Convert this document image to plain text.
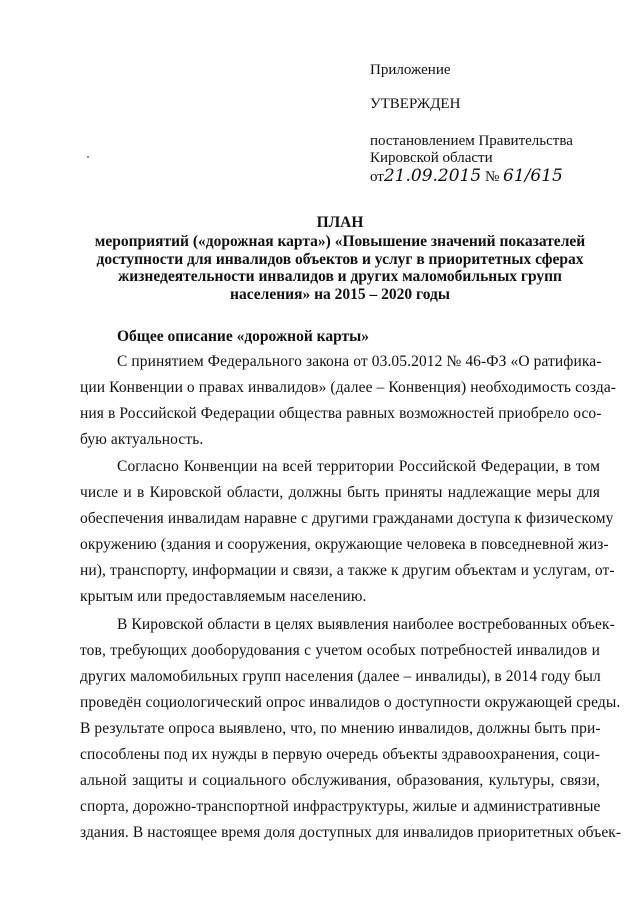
Приложение
УТВЕРЖДЕН
постановлением Правительства
Кировской области
от21.09.2015 № 61/615
ПЛАН
мероприятий («дорожная карта») «Повышение значений показателей
доступности для инвалидов объектов и услуг в приоритетных сферах
жизнедеятельности инвалидов и других маломобильных групп
населения» на 2015 – 2020 годы
Общее описание «дорожной карты»
С принятием Федерального закона от 03.05.2012 № 46-ФЗ «О ратифика-
ции Конвенции о правах инвалидов» (далее – Конвенция) необходимость созда-
ния в Российской Федерации общества равных возможностей приобрело осо-
бую актуальность.
Согласно Конвенции на всей территории Российской Федерации, в том
числе и в Кировской области, должны быть приняты надлежащие меры для
обеспечения инвалидам наравне с другими гражданами доступа к физическому
окружению (здания и сооружения, окружающие человека в повседневной жиз-
ни), транспорту, информации и связи, а также к другим объектам и услугам, от-
крытым или предоставляемым населению.
В Кировской области в целях выявления наиболее востребованных объек-
тов, требующих дооборудования с учетом особых потребностей инвалидов и
других маломобильных групп населения (далее – инвалиды), в 2014 году был
проведён социологический опрос инвалидов о доступности окружающей среды.
В результате опроса выявлено, что, по мнению инвалидов, должны быть при-
способлены под их нужды в первую очередь объекты здравоохранения, соци-
альной защиты и социального обслуживания, образования, культуры, связи,
спорта, дорожно-транспортной инфраструктуры, жилые и административные
здания. В настоящее время доля доступных для инвалидов приоритетных объек-
